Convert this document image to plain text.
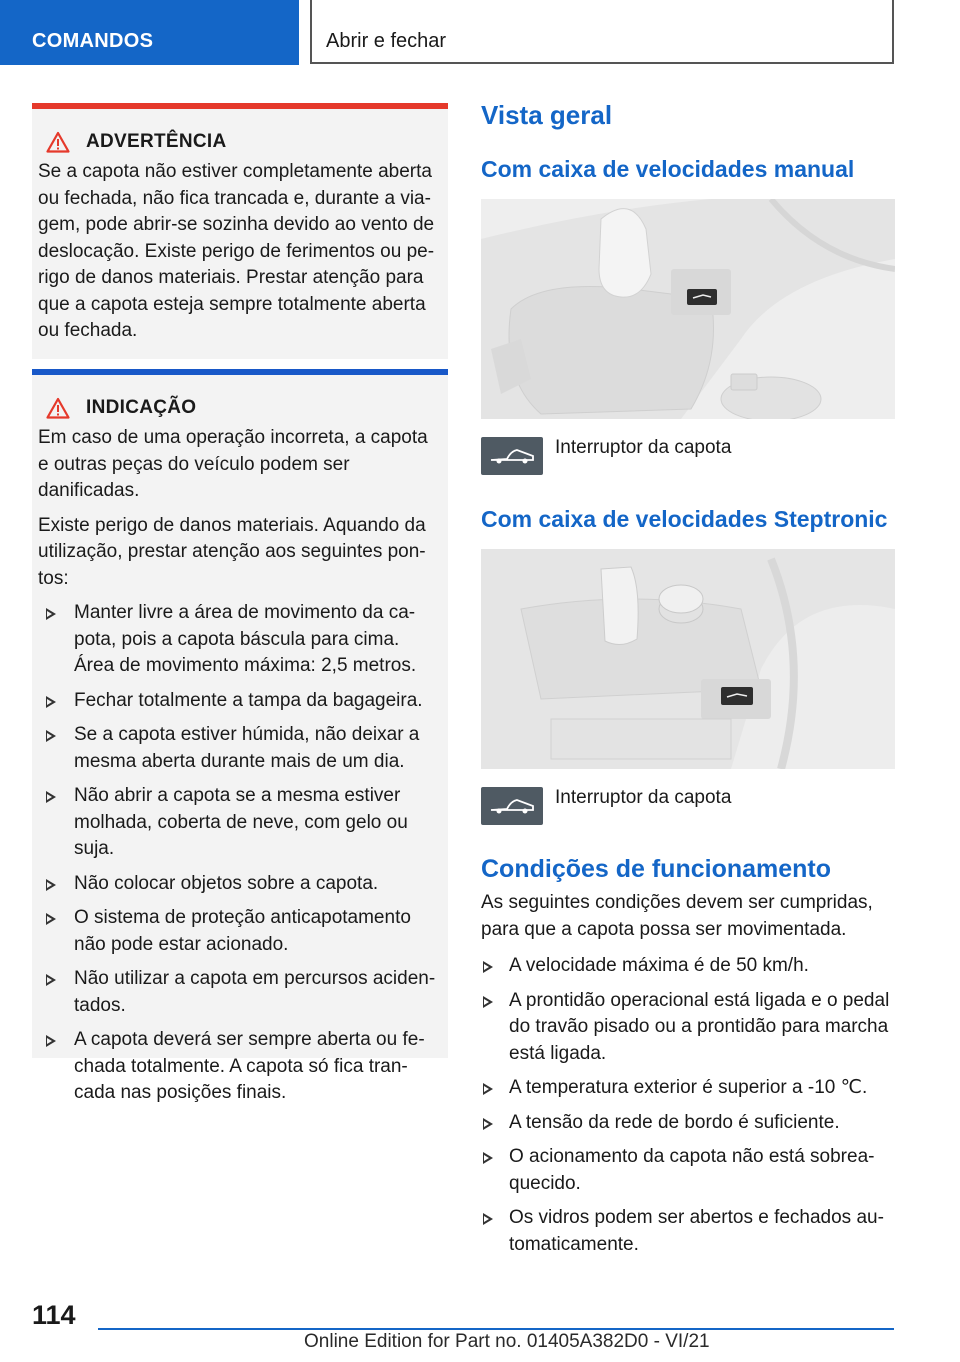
COMANDOS	Abrir e fechar
ADVERTÊNCIA

Se a capota não estiver completamente aberta ou fechada, não fica trancada e, durante a via-gem, pode abrir-se sozinha devido ao vento de deslocação. Existe perigo de ferimentos ou pe-rigo de danos materiais. Prestar atenção para que a capota esteja sempre totalmente aberta ou fechada.

INDICAÇÃO

Em caso de uma operação incorreta, a capota e outras peças do veículo podem ser danificadas.

Existe perigo de danos materiais. Aquando da utilização, prestar atenção aos seguintes pon-tos:

Manter livre a área de movimento da ca-pota, pois a capota báscula para cima. Área de movimento máxima: 2,5 metros.
Fechar totalmente a tampa da bagageira.
Se a capota estiver húmida, não deixar a mesma aberta durante mais de um dia.
Não abrir a capota se a mesma estiver molhada, coberta de neve, com gelo ou suja.
Não colocar objetos sobre a capota.
O sistema de proteção anticapotamento não pode estar acionado.
Não utilizar a capota em percursos aciden-tados.
A capota deverá ser sempre aberta ou fe-chada totalmente. A capota só fica tran-cada nas posições finais.
Vista geral
Com caixa de velocidades manual
Interruptor da capota
Com caixa de velocidades Steptronic
Interruptor da capota
Condições de funcionamento

As seguintes condições devem ser cumpridas, para que a capota possa ser movimentada.

A velocidade máxima é de 50 km/h.
A prontidão operacional está ligada e o pedal do travão pisado ou a prontidão para marcha está ligada.
A temperatura exterior é superior a -10 ℃.
A tensão da rede de bordo é suficiente.
O acionamento da capota não está sobrea-quecido.
Os vidros podem ser abertos e fechados au-tomaticamente.
114
Online Edition for Part no. 01405A382D0 - VI/21
